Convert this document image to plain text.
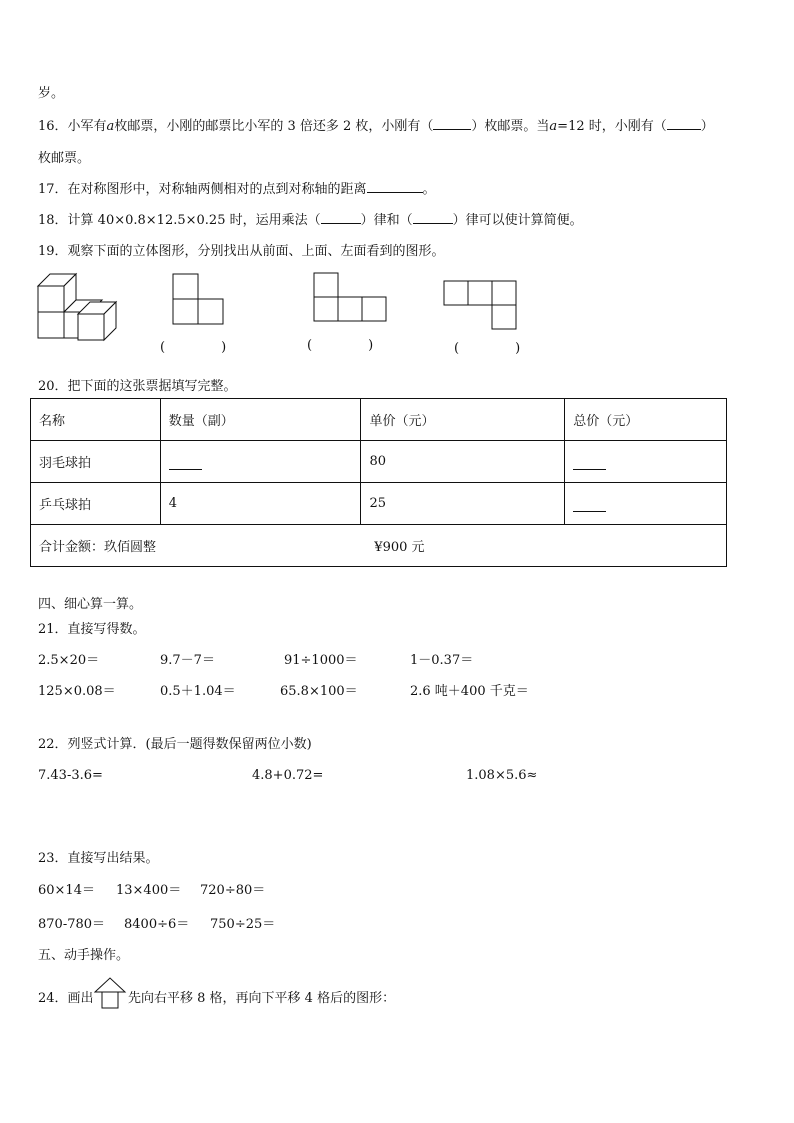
岁。
16．小军有a枚邮票，小刚的邮票比小军的 3 倍还多 2 枚，小刚有（	）枚邮票。当a=12 时，小刚有（	）
枚邮票。
17．在对称图形中，对称轴两侧相对的点到对称轴的距离	。
18．计算 40×0.8×12.5×0.25 时，运用乘法（	）律和（	）律可以使计算简便。
19．观察下面的立体图形，分别找出从前面、上面、左面看到的图形。
(	)	(	)	(	)
20．把下面的这张票据填写完整。
名称	数量（副）	单价（元）	总价（元）
羽毛球拍		80	
乒乓球拍	4	25	
合计金额：玖佰圆整 ¥900 元			
四、细心算一算。
21．直接写得数。
2.5×20＝	9.7－7＝	91÷1000＝	1－0.37＝
125×0.08＝	0.5＋1.04＝	65.8×100＝	2.6 吨＋400 千克＝
22．列竖式计算．(最后一题得数保留两位小数)
7.43-3.6=	4.8+0.72=	1.08×5.6≈
23．直接写出结果。
60×14＝ 13×400＝ 720÷80＝
870-780＝ 8400÷6＝ 750÷25＝
五、动手操作。
24．画出	先向右平移 8 格，再向下平移 4 格后的图形：
